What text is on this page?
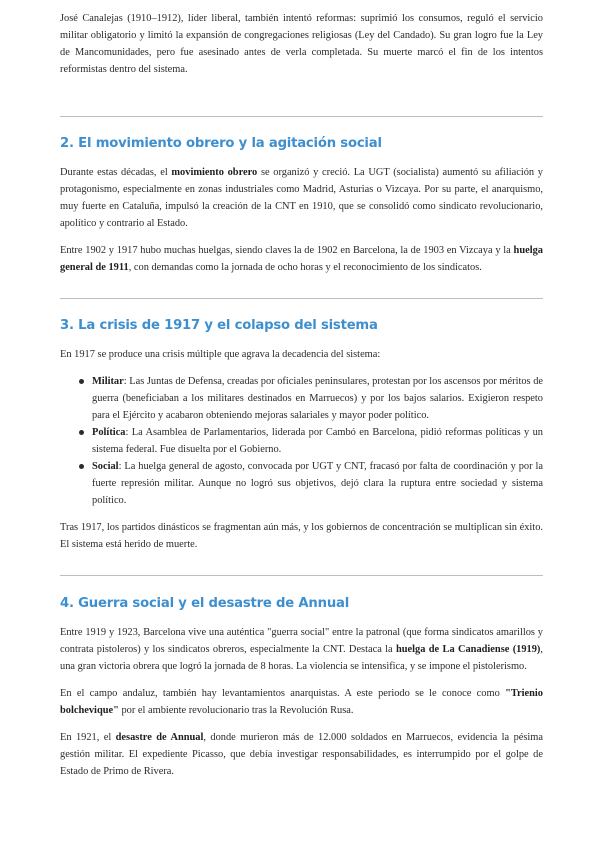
José Canalejas (1910–1912), líder liberal, también intentó reformas: suprimió los consumos, reguló el servicio militar obligatorio y limitó la expansión de congregaciones religiosas (Ley del Candado). Su gran logro fue la Ley de Mancomunidades, pero fue asesinado antes de verla completada. Su muerte marcó el fin de los intentos reformistas dentro del sistema.

2. El movimiento obrero y la agitación social

Durante estas décadas, el movimiento obrero se organizó y creció. La UGT (socialista) aumentó su afiliación y protagonismo, especialmente en zonas industriales como Madrid, Asturias o Vizcaya. Por su parte, el anarquismo, muy fuerte en Cataluña, impulsó la creación de la CNT en 1910, que se consolidó como sindicato revolucionario, apolítico y contrario al Estado.

Entre 1902 y 1917 hubo muchas huelgas, siendo claves la de 1902 en Barcelona, la de 1903 en Vizcaya y la huelga general de 1911, con demandas como la jornada de ocho horas y el reconocimiento de los sindicatos.

3. La crisis de 1917 y el colapso del sistema

En 1917 se produce una crisis múltiple que agrava la decadencia del sistema:

Militar: Las Juntas de Defensa, creadas por oficiales peninsulares, protestan por los ascensos por méritos de guerra (beneficiaban a los militares destinados en Marruecos) y por los bajos salarios. Exigieron respeto para el Ejército y acabaron obteniendo mejoras salariales y mayor poder político.

Política: La Asamblea de Parlamentarios, liderada por Cambó en Barcelona, pidió reformas políticas y un sistema federal. Fue disuelta por el Gobierno.

Social: La huelga general de agosto, convocada por UGT y CNT, fracasó por falta de coordinación y por la fuerte represión militar. Aunque no logró sus objetivos, dejó clara la ruptura entre sociedad y sistema político.

Tras 1917, los partidos dinásticos se fragmentan aún más, y los gobiernos de concentración se multiplican sin éxito. El sistema está herido de muerte.

4. Guerra social y el desastre de Annual

Entre 1919 y 1923, Barcelona vive una auténtica "guerra social" entre la patronal (que forma sindicatos amarillos y contrata pistoleros) y los sindicatos obreros, especialmente la CNT. Destaca la huelga de La Canadiense (1919), una gran victoria obrera que logró la jornada de 8 horas. La violencia se intensifica, y se impone el pistolerismo.

En el campo andaluz, también hay levantamientos anarquistas. A este periodo se le conoce como "Trienio bolchevique" por el ambiente revolucionario tras la Revolución Rusa.

En 1921, el desastre de Annual, donde murieron más de 12.000 soldados en Marruecos, evidencia la pésima gestión militar. El expediente Picasso, que debía investigar responsabilidades, es interrumpido por el golpe de Estado de Primo de Rivera.
